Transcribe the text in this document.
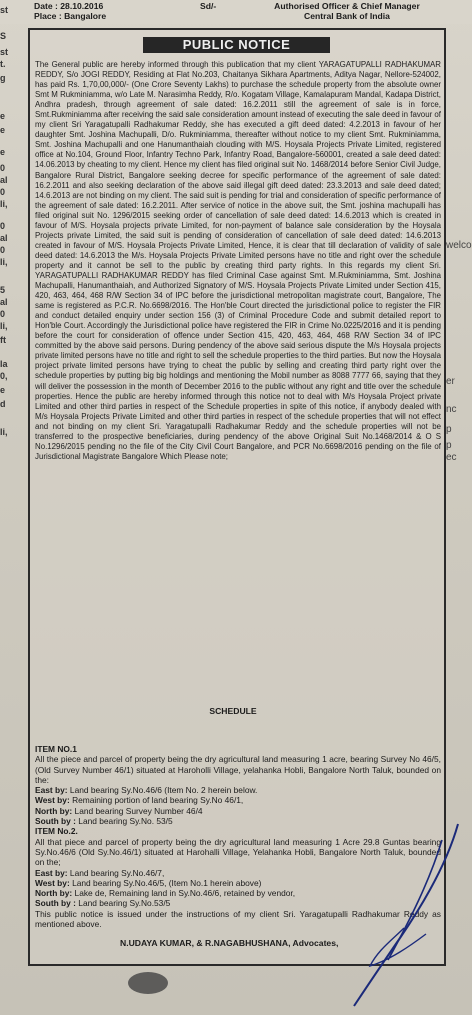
Date : 28.10.2016
Place : Bangalore
Sd/-	Authorised Officer & Chief Manager
Central Bank of India
st
S
st
t.
g
e
e
e
0
al
0
li,
0
al
0
li,
5
al
0
li,
ft
la
0,
e
d
li,
welco
er
nc
p
p
ec
PUBLIC NOTICE
The General public are hereby informed through this publication that my client YARAGATUPALLI RADHAKUMAR REDDY, S/o JOGI REDDY, Residing at Flat No.203, Chaitanya Sikhara Apartments, Aditya Nagar, Nellore-524002, has paid Rs. 1,70,00,000/- (One Crore Seventy Lakhs) to purchase the schedule property from the absolute owner Smt M Rukminiamma, w/o Late M. Narasimha Reddy, R/o. Kogatam Village, Kamalapuram Mandal, Kadapa District, Andhra pradesh, through agreement of sale dated: 16.2.2011 still the agreement of sale is in force, Smt.Rukminiamma after receiving the said sale consideration amount instead of executing the sale deed in favour of my client Sri Yaragatupalli Radhakumar Reddy, she has executed a gift deed dated: 4.2.2013 in favour of her daughter Smt. Joshina Machupalli, D/o. Rukminiamma, thereafter without notice to my client Smt. Rukminiamma, Smt. Joshina Machupalli and one Hanumanthaiah clouding with M/S. Hoysala Projects Private Limited, registered office at No.104, Ground Floor, Infantry Techno Park, Infantry Road, Bangalore-560001, created a sale deed dated: 14.06.2013 by cheating to my client. Hence my client has filed original suit No. 1468/2014 before Senior Civil Judge, Bangalore Rural District, Bangalore seeking decree for specific performance of the agreement of sale dated: 16.2.2011 and also seeking declaration of the above said illegal gift deed dated: 23.3.2013 and sale deed dated; 14.6.2013 are not binding on my client. The said suit is pending for trial and consideration of specific performance of the agreement of sale dated: 16.2.2011. After service of notice in the above suit, the Smt. joshina machupalli has filed original suit No. 1296/2015 seeking order of cancellation of sale deed dated: 14.6.2013 which is created in favour of M/S. Hoysala projects private Limited, for non-payment of balance sale consideration by the Hoysala Projects private Limited, the said suit is pending of consideration of cancellation of sale deed dated: 14.6.2013 created in favour of M/S. Hoysala Projects Private Limited, Hence, it is clear that till declaration of validity of sale deed dated: 14.6.2013 the M/s. Hoysala Projects Private Limited persons have no title and right over the schedule property and it cannot be sell to the public by creating third party rights. In this regards my client Sri. YARAGATUPALLI RADHAKUMAR REDDY has filed Criminal Case against Smt. M.Rukminiamma, Smt. Joshina Machupalli, Hanumanthaiah, and Authorized Signatory of M/S. Hoysala Projects Private Limited under Section 415, 420, 463, 464, 468 R/W Section 34 of IPC before the jurisdictional metropolitan magistrate court, Bangalore, The same is registered as P.C.R. No.6698/2016. The Hon'ble Court directed the jurisdictional police to register the FIR and conduct detailed enquiry under section 156 (3) of Criminal Procedure Code and submit detailed report to Hon'ble Court. Accordingly the Jurisdictional police have registered the FIR in Crime No.0225/2016 and it is pending before the court for consideration of offence under Section 415, 420, 463, 464, 468 R/W Section 34 of IPC committed by the above said persons. During pendency of the above said serious dispute the M/s Hoysala projects private limited persons have no title and right to sell the schedule properties to the third parties. But now the Hoysala project private limited persons have trying to cheat the public by selling and creating third party right over the schedule properties by putting big big holdings and mentioning the Mobil number as 8088 7777 66, saying that they will deliver the possession in the month of December 2016 to the public without any right and title over the schedule properties. Hence the public are hereby informed through this notice not to deal with M/s Hoysala Project private Limited and other third parties in respect of the Schedule properties in spite of this notice, if anybody dealed with M/s Hoysala Projects Private Limited and other third parties in respect of the schedule properties that will not effect and not binding on my client Sri. Yaragatupalli Radhakumar Reddy and the schedule properties will not be transferred to the prospective beneficiaries, during pendency of the above Original Suit No.1468/2014 & O S No.1296/2015 pending no the file of the City Civil Court Bangalore, and PCR No.6698/2016 pending on the file of Jurisdictional Magistrate Bangalore Which Please note;
SCHEDULE
ITEM NO.1
All the piece and parcel of property being the dry agricultural land measuring 1 acre, bearing Survey No 46/5, (Old Survey Number 46/1) situated at Haroholli Village, yelahanka Hobli, Bangalore North Taluk, bounded on the:
East by: Land bearing Sy.No.46/6 (Item No. 2 herein below.
West by: Remaining portion of land bearing Sy.No 46/1,
North by: Land bearing Survey Number 46/4
South by : Land bearing Sy.No. 53/5
ITEM No.2.
All that piece and parcel of property being the dry agricultural land measuring 1 Acre 29.8 Guntas bearing Sy.No.46/6 (Old Sy.No.46/1) situated at Harohalli Village, Yelahanka Hobli, Bangalore North Taluk, bounded on the;
East by: Land bearing Sy.No.46/7,
West by: Land bearing Sy.No.46/5, (Item No.1 herein above)
North by: Lake de, Remaining land in Sy.No.46/6, retained by vendor,
South by : Land bearing Sy.No.53/5
This public notice is issued under the instructions of my client Sri. Yaragatupalli Radhakumar Reddy as mentioned above.
N.UDAYA KUMAR, & R.NAGABHUSHANA, Advocates,
